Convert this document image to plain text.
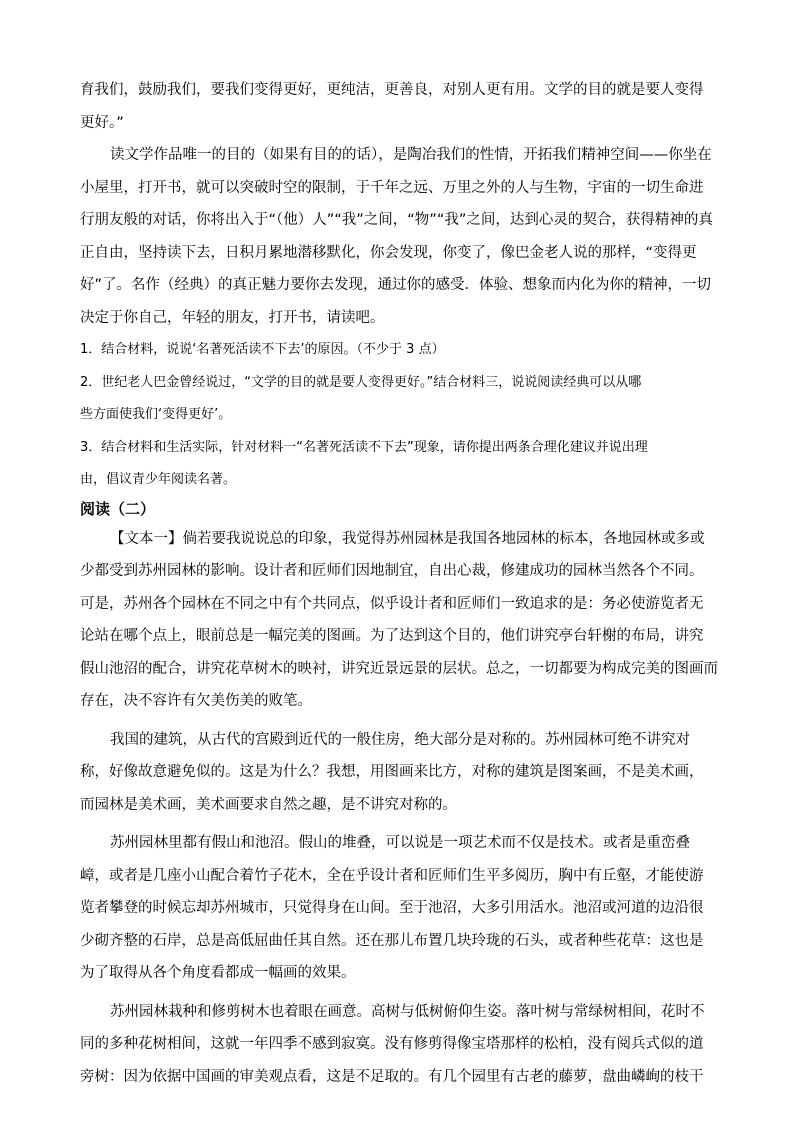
育我们，鼓励我们，要我们变得更好，更纯洁，更善良，对别人更有用。文学的目的就是要人变得
更好。”
读文学作品唯一的目的（如果有目的的话），是陶冶我们的性情，开拓我们精神空间——你坐在
小屋里，打开书，就可以突破时空的限制，于千年之远、万里之外的人与生物，宇宙的一切生命进
行朋友般的对话，你将出入于“（他）人”“我”之间，“物”“我”之间，达到心灵的契合，获得精神的真
正自由，坚持读下去，日积月累地潜移默化，你会发现，你变了，像巴金老人说的那样，“变得更
好”了。名作（经典）的真正魅力要你去发现，通过你的感受．体验、想象而内化为你的精神，一切
决定于你自己，年轻的朋友，打开书，请读吧。
1．结合材料，说说‘名著死活读不下去’的原因。（不少于 3 点）
2．世纪老人巴金曾经说过，“文学的目的就是要人变得更好。”结合材料三，说说阅读经典可以从哪
些方面使我们‘变得更好’。
3．结合材料和生活实际，针对材料一“名著死活读不下去”现象，请你提出两条合理化建议并说出理
由，倡议青少年阅读名著。
阅读（二）
【文本一】倘若要我说说总的印象，我觉得苏州园林是我国各地园林的标本，各地园林或多或
少都受到苏州园林的影响。设计者和匠师们因地制宜，自出心裁，修建成功的园林当然各个不同。
可是，苏州各个园林在不同之中有个共同点，似乎设计者和匠师们一致追求的是：务必使游览者无
论站在哪个点上，眼前总是一幅完美的图画。为了达到这个目的，他们讲究亭台轩榭的布局，讲究
假山池沼的配合，讲究花草树木的映衬，讲究近景远景的层状。总之，一切都要为构成完美的图画而
存在，决不容许有欠美伤美的败笔。
我国的建筑，从古代的宫殿到近代的一般住房，绝大部分是对称的。苏州园林可绝不讲究对
称，好像故意避免似的。这是为什么？我想，用图画来比方，对称的建筑是图案画，不是美术画，
而园林是美术画，美术画要求自然之趣，是不讲究对称的。
苏州园林里都有假山和池沼。假山的堆叠，可以说是一项艺术而不仅是技术。或者是重峦叠
嶂，或者是几座小山配合着竹子花木，全在乎设计者和匠师们生平多阅历，胸中有丘壑，才能使游
览者攀登的时候忘却苏州城市，只觉得身在山间。至于池沼，大多引用活水。池沼或河道的边沿很
少砌齐整的石岸，总是高低屈曲任其自然。还在那儿布置几块玲珑的石头，或者种些花草：这也是
为了取得从各个角度看都成一幅画的效果。
苏州园林栽种和修剪树木也着眼在画意。高树与低树俯仰生姿。落叶树与常绿树相间，花时不
同的多种花树相间，这就一年四季不感到寂寞。没有修剪得像宝塔那样的松柏，没有阅兵式似的道
旁树：因为依据中国画的审美观点看，这是不足取的。有几个园里有古老的藤萝，盘曲嶙峋的枝干
